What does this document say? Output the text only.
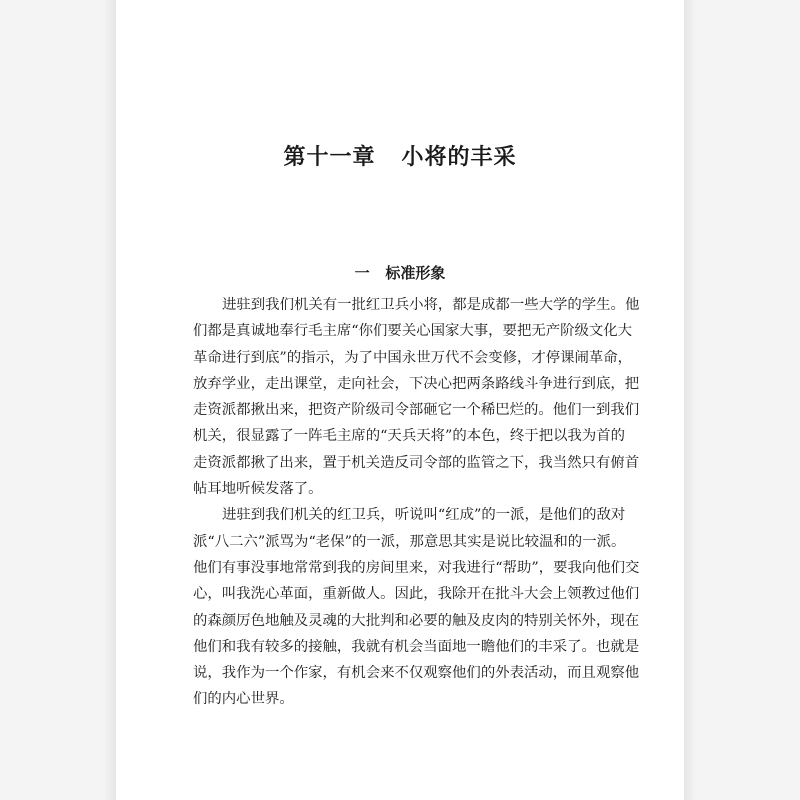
第十一章   小将的丰采
一   标准形象
进驻到我们机关有一批红卫兵小将，都是成都一些大学的学生。他
们都是真诚地奉行毛主席“你们要关心国家大事，要把无产阶级文化大
革命进行到底”的指示，为了中国永世万代不会变修，才停课闹革命，
放弃学业，走出课堂，走向社会，下决心把两条路线斗争进行到底，把
走资派都揪出来，把资产阶级司令部砸它一个稀巴烂的。他们一到我们
机关，很显露了一阵毛主席的“天兵天将”的本色，终于把以我为首的
走资派都揪了出来，置于机关造反司令部的监管之下，我当然只有俯首
帖耳地听候发落了。
进驻到我们机关的红卫兵，听说叫“红成”的一派，是他们的敌对
派“八二六”派骂为“老保”的一派，那意思其实是说比较温和的一派。
他们有事没事地常常到我的房间里来，对我进行“帮助”，要我向他们交
心，叫我洗心革面，重新做人。因此，我除开在批斗大会上领教过他们
的森颜厉色地触及灵魂的大批判和必要的触及皮肉的特别关怀外，现在
他们和我有较多的接触，我就有机会当面地一瞻他们的丰采了。也就是
说，我作为一个作家，有机会来不仅观察他们的外表活动，而且观察他
们的内心世界。
